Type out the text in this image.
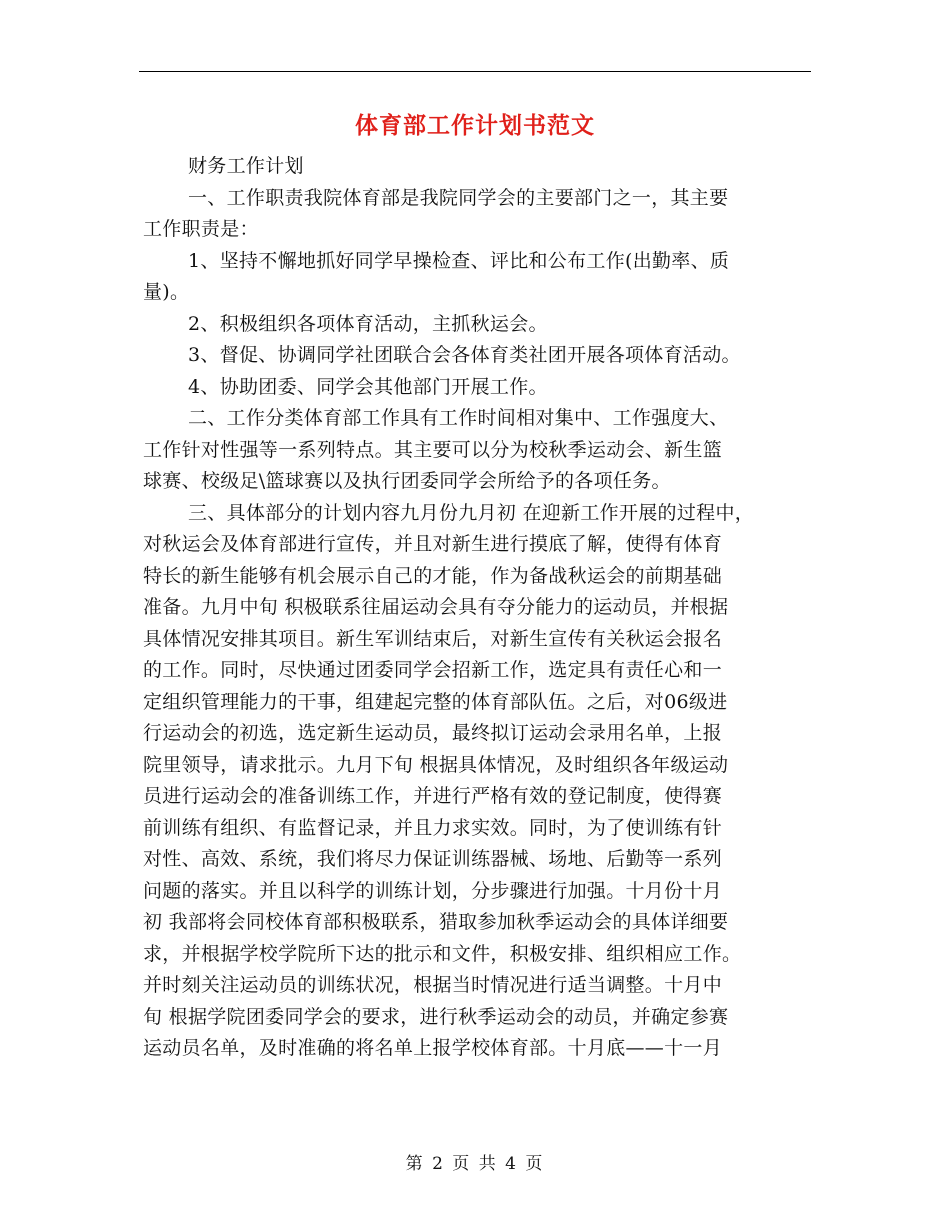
体育部工作计划书范文
财务工作计划
一、工作职责我院体育部是我院同学会的主要部门之一，其主要
工作职责是：
1、坚持不懈地抓好同学早操检查、评比和公布工作(出勤率、质
量)。
2、积极组织各项体育活动，主抓秋运会。
3、督促、协调同学社团联合会各体育类社团开展各项体育活动。
4、协助团委、同学会其他部门开展工作。
二、工作分类体育部工作具有工作时间相对集中、工作强度大、
工作针对性强等一系列特点。其主要可以分为校秋季运动会、新生篮
球赛、校级足\篮球赛以及执行团委同学会所给予的各项任务。
三、具体部分的计划内容九月份九月初 在迎新工作开展的过程中，
对秋运会及体育部进行宣传，并且对新生进行摸底了解，使得有体育
特长的新生能够有机会展示自己的才能，作为备战秋运会的前期基础
准备。九月中旬 积极联系往届运动会具有夺分能力的运动员，并根据
具体情况安排其项目。新生军训结束后，对新生宣传有关秋运会报名
的工作。同时，尽快通过团委同学会招新工作，选定具有责任心和一
定组织管理能力的干事，组建起完整的体育部队伍。之后，对06级进
行运动会的初选，选定新生运动员，最终拟订运动会录用名单，上报
院里领导，请求批示。九月下旬 根据具体情况，及时组织各年级运动
员进行运动会的准备训练工作，并进行严格有效的登记制度，使得赛
前训练有组织、有监督记录，并且力求实效。同时，为了使训练有针
对性、高效、系统，我们将尽力保证训练器械、场地、后勤等一系列
问题的落实。并且以科学的训练计划，分步骤进行加强。十月份十月
初 我部将会同校体育部积极联系，猎取参加秋季运动会的具体详细要
求，并根据学校学院所下达的批示和文件，积极安排、组织相应工作。
并时刻关注运动员的训练状况，根据当时情况进行适当调整。十月中
旬 根据学院团委同学会的要求，进行秋季运动会的动员，并确定参赛
运动员名单，及时准确的将名单上报学校体育部。十月底——十一月
第 2 页 共 4 页
